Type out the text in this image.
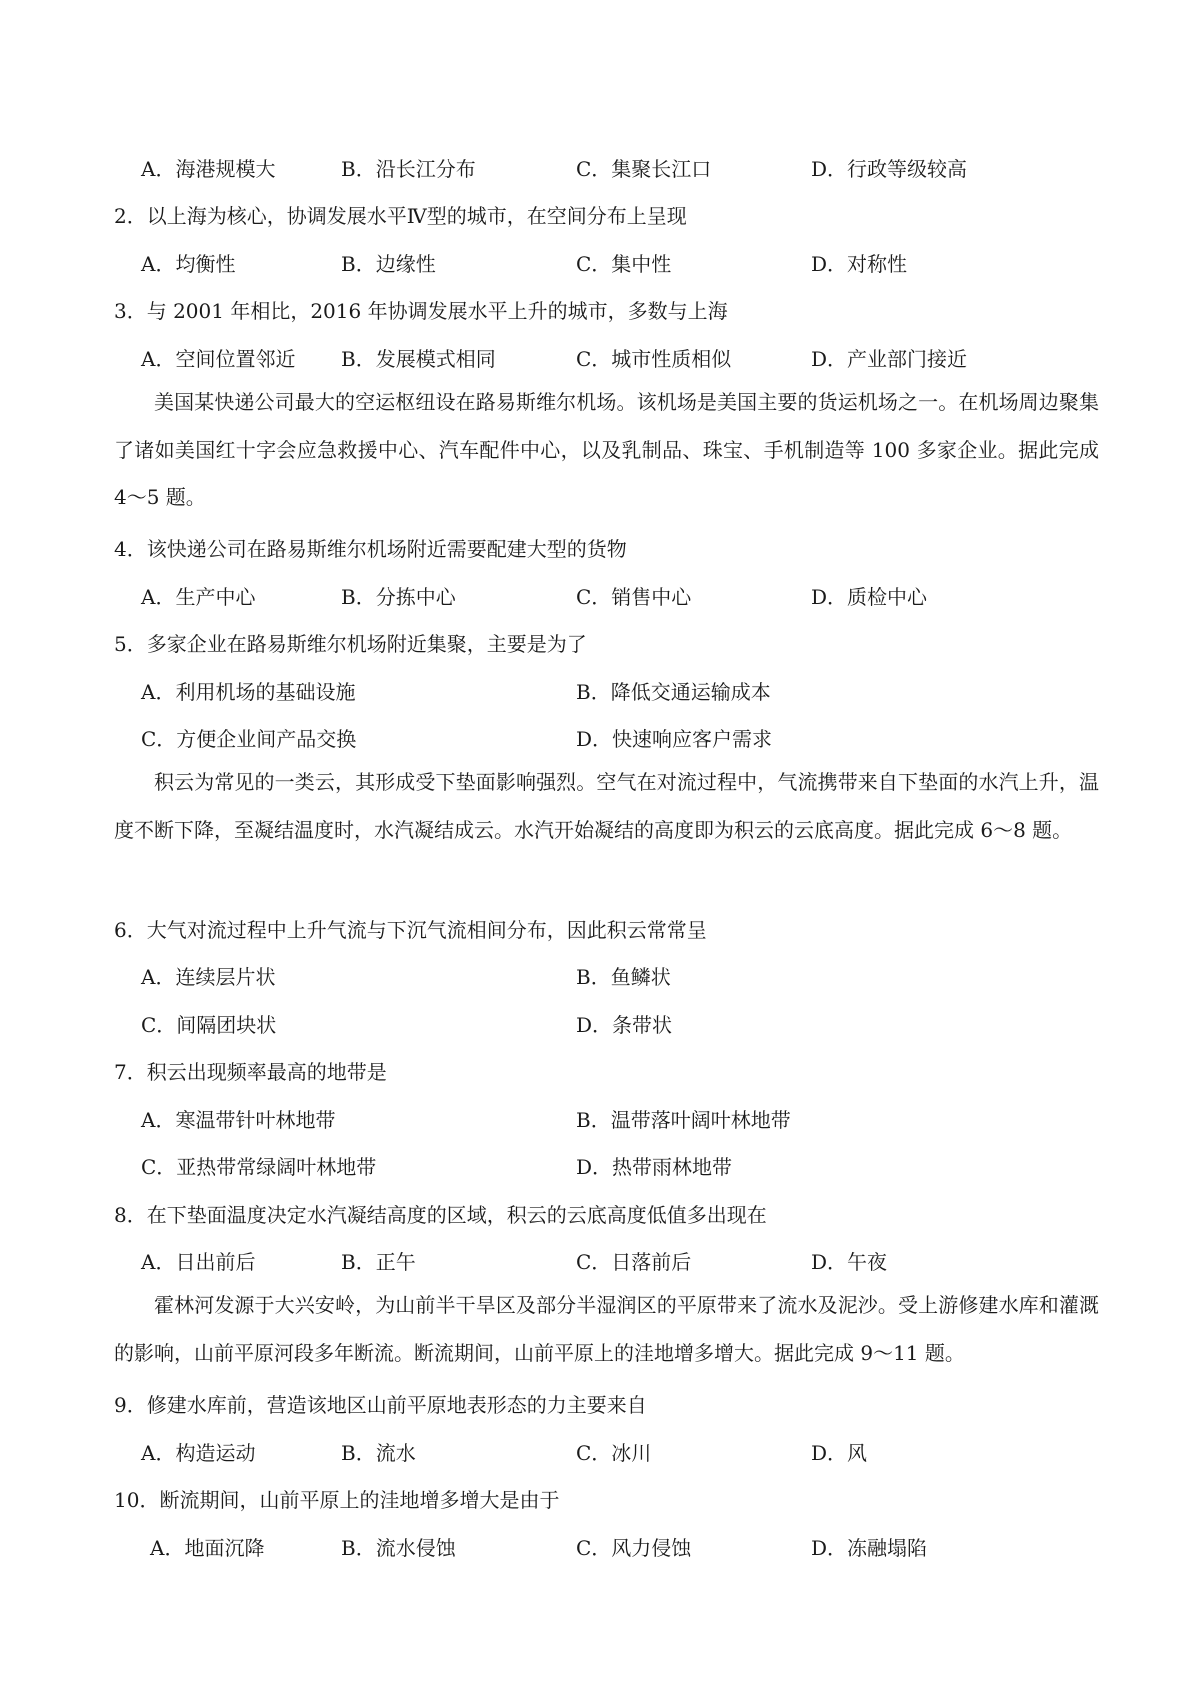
A．海港规模大	B．沿长江分布	C．集聚长江口	D．行政等级较高
2．以上海为核心，协调发展水平Ⅳ型的城市，在空间分布上呈现
A．均衡性	B．边缘性	C．集中性	D．对称性
3．与 2001 年相比，2016 年协调发展水平上升的城市，多数与上海
A．空间位置邻近 B．发展模式相同	C．城市性质相似	D．产业部门接近
美国某快递公司最大的空运枢纽设在路易斯维尔机场。该机场是美国主要的货运机场之一。在机场周边聚集了诸如美国红十字会应急救援中心、汽车配件中心，以及乳制品、珠宝、手机制造等 100 多家企业。据此完成 4～5 题。
4．该快递公司在路易斯维尔机场附近需要配建大型的货物
A．生产中心	B．分拣中心	C．销售中心	D．质检中心
5．多家企业在路易斯维尔机场附近集聚，主要是为了
A．利用机场的基础设施	B．降低交通运输成本
C．方便企业间产品交换	D．快速响应客户需求
积云为常见的一类云，其形成受下垫面影响强烈。空气在对流过程中，气流携带来自下垫面的水汽上升，温度不断下降，至凝结温度时，水汽凝结成云。水汽开始凝结的高度即为积云的云底高度。据此完成 6～8 题。
6．大气对流过程中上升气流与下沉气流相间分布，因此积云常常呈
A．连续层片状	B．鱼鳞状
C．间隔团块状	D．条带状
7．积云出现频率最高的地带是
A．寒温带针叶林地带	B．温带落叶阔叶林地带
C．亚热带常绿阔叶林地带	D．热带雨林地带
8．在下垫面温度决定水汽凝结高度的区域，积云的云底高度低值多出现在
A．日出前后	B．正午	C．日落前后	D．午夜
霍林河发源于大兴安岭，为山前半干旱区及部分半湿润区的平原带来了流水及泥沙。受上游修建水库和灌溉的影响，山前平原河段多年断流。断流期间，山前平原上的洼地增多增大。据此完成 9～11 题。
9．修建水库前，营造该地区山前平原地表形态的力主要来自
A．构造运动	B．流水	C．冰川	D．风
10．断流期间，山前平原上的洼地增多增大是由于
A．地面沉降	B．流水侵蚀	C．风力侵蚀	D．冻融塌陷
